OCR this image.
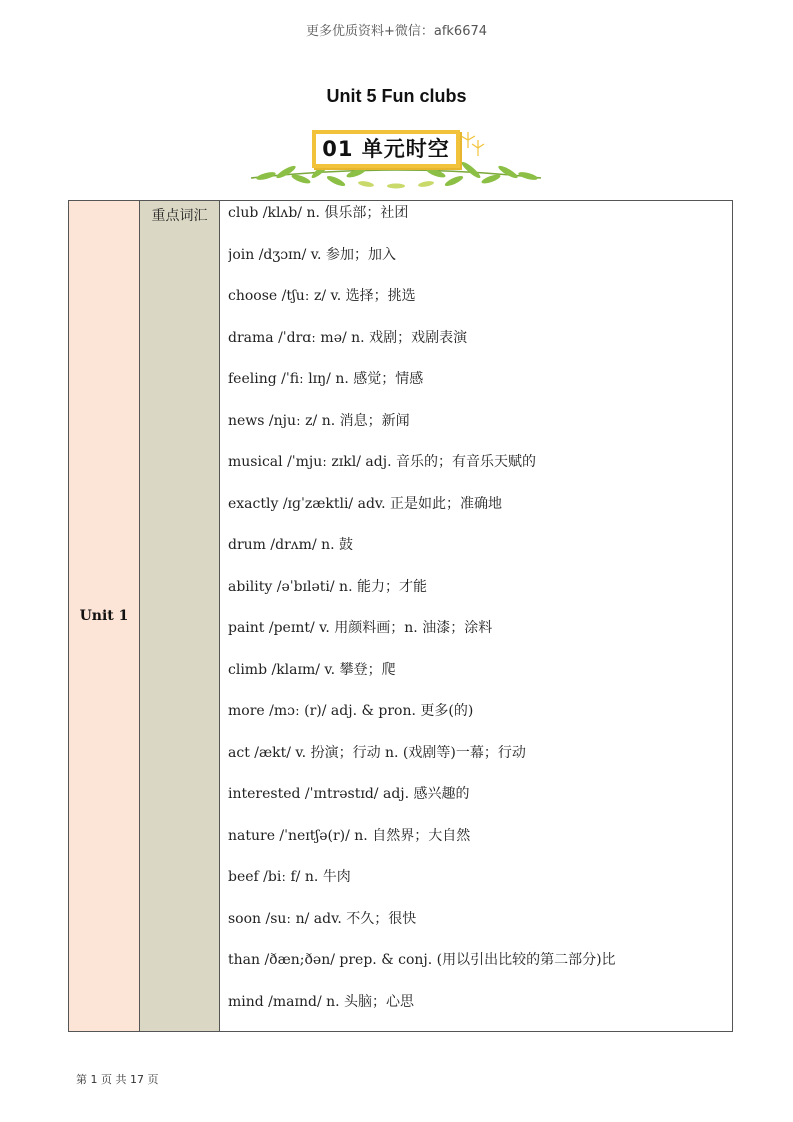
更多优质资料+微信：afk6674
Unit 5 Fun clubs
01 单元时空
Unit 1	重点词汇	club /klʌb/ n. 俱乐部；社团
join /dʒɔɪn/ v. 参加；加入
choose /tʃuː z/ v. 选择；挑选
drama /ˈdrɑː mə/ n. 戏剧；戏剧表演
feeling /ˈfiː lɪŋ/ n. 感觉；情感
news /njuː z/ n. 消息；新闻
musical /ˈmjuː zɪkl/ adj. 音乐的；有音乐天赋的
exactly /ɪɡˈzæktli/ adv. 正是如此；准确地
drum /drʌm/ n. 鼓
ability /əˈbɪləti/ n. 能力；才能
paint /peɪnt/ v. 用颜料画；n. 油漆；涂料
climb /klaɪm/ v. 攀登；爬
more /mɔː (r)/ adj. & pron. 更多(的)
act /ækt/ v. 扮演；行动 n. (戏剧等)一幕；行动
interested /ˈɪntrəstɪd/ adj. 感兴趣的
nature /ˈneɪtʃə(r)/ n. 自然界；大自然
beef /biː f/ n. 牛肉
soon /suː n/ adv. 不久；很快
than /ðæn;ðən/ prep. & conj. (用以引出比较的第二部分)比
mind /maɪnd/ n. 头脑；心思
第 1 页 共 17 页
